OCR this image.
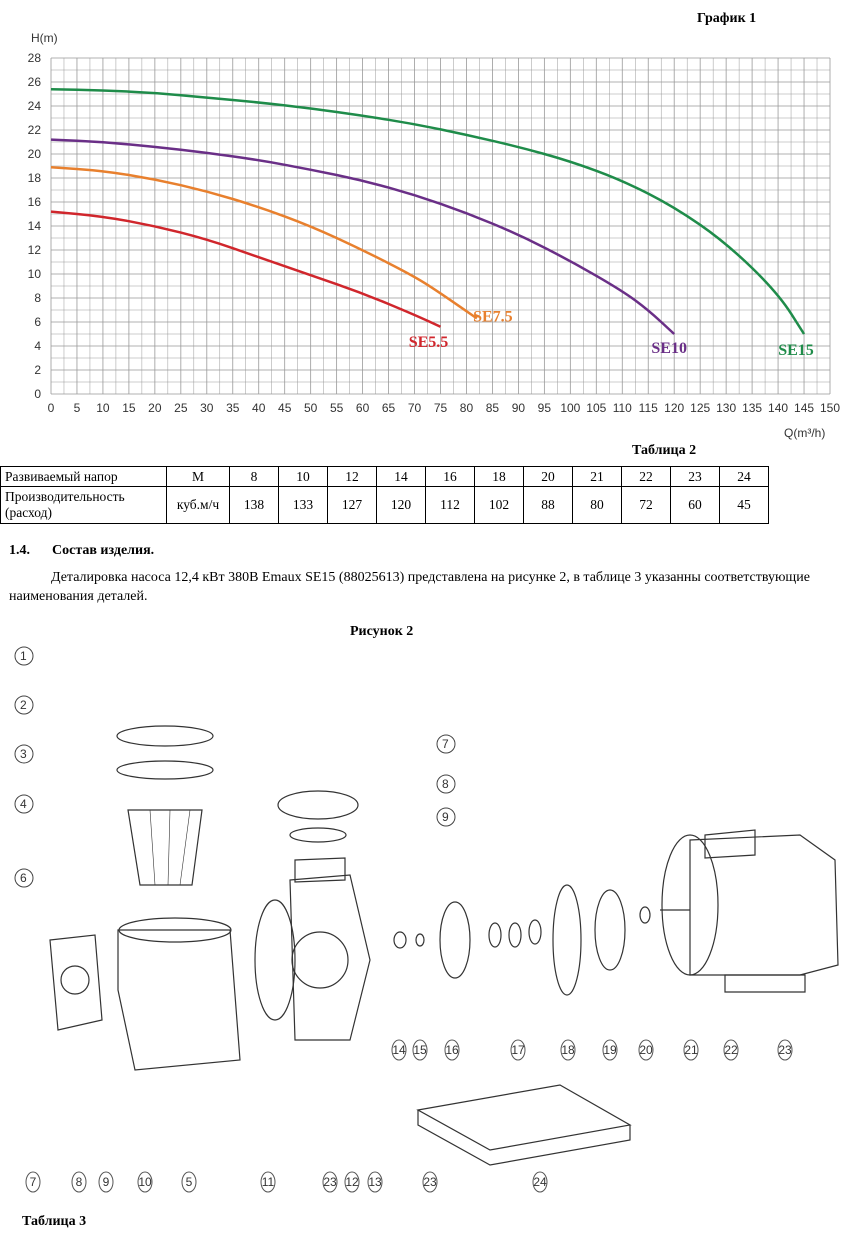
График 1
H(m)
Q(m³/h)
0 5 10 15 20 25 30 35 40 45 50 55 60 65 70 75 80 85 90 95 100 105 110 115 120 125 130 135 140 145 150
0
2
4
6
8
10
12
14
16
18
20
22
24
26
28
SE5.5
SE7.5
SE10	SE15
Таблица 2
Развиваемый напор	М	8	10	12	14	16	18	20	21	22	23	24
Производительность (расход)	куб.м/ч	138	133	127	120	112	102	88	80	72	60	45
1.4. Состав изделия.
Деталировка насоса 12,4 кВт 380В Emaux SE15 (88025613) представлена на рисунке 2, в таблице 3 указанны соответствующие наименования деталей.
Рисунок 2
1
2
3
4
6
7
8
9
7	8 9 10	5	11	23 12 13
14 15 16	17	18 19 20	21 22	23
23	24
Таблица 3
